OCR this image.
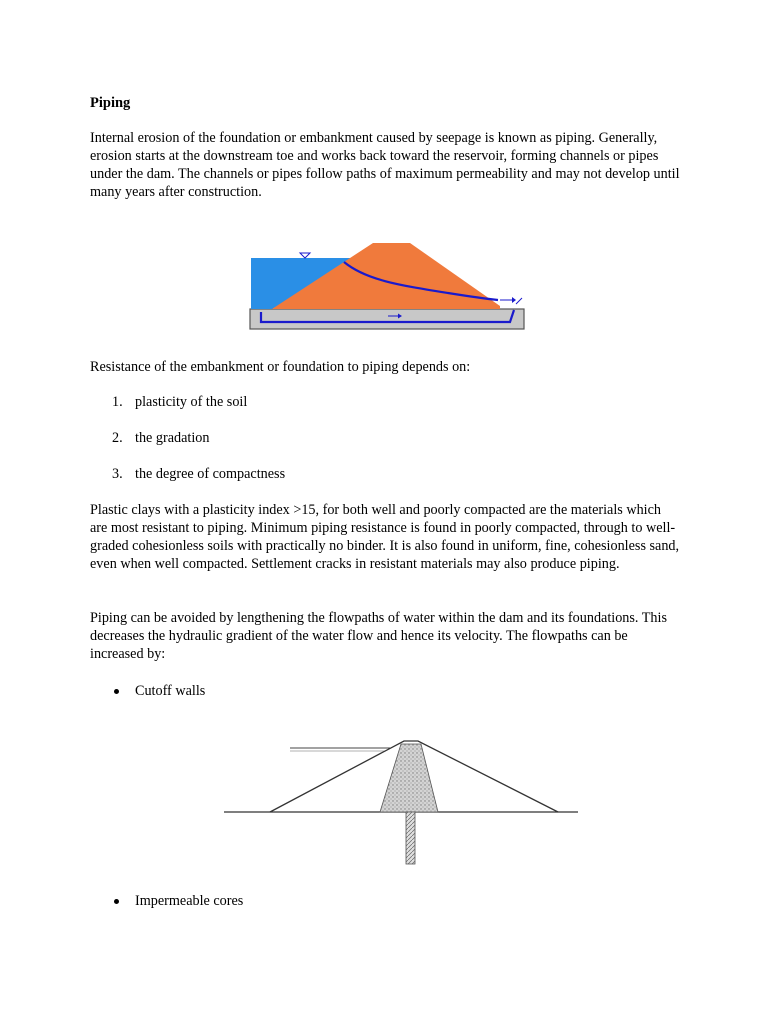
Piping

Internal erosion of the foundation or embankment caused by seepage is known as piping. Generally, erosion starts at the downstream toe and works back toward the reservoir, forming channels or pipes under the dam. The channels or pipes follow paths of maximum permeability and may not develop until many years after construction.

Resistance of the embankment or foundation to piping depends on:

1. plasticity of the soil
2. the gradation
3. the degree of compactness

Plastic clays with a plasticity index >15, for both well and poorly compacted are the materials which are most resistant to piping. Minimum piping resistance is found in poorly compacted, through to well-graded cohesionless soils with practically no binder. It is also found in uniform, fine, cohesionless sand, even when well compacted. Settlement cracks in resistant materials may also produce piping.

Piping can be avoided by lengthening the flowpaths of water within the dam and its foundations. This decreases the hydraulic gradient of the water flow and hence its velocity. The flowpaths can be increased by:

Cutoff walls

Impermeable cores
